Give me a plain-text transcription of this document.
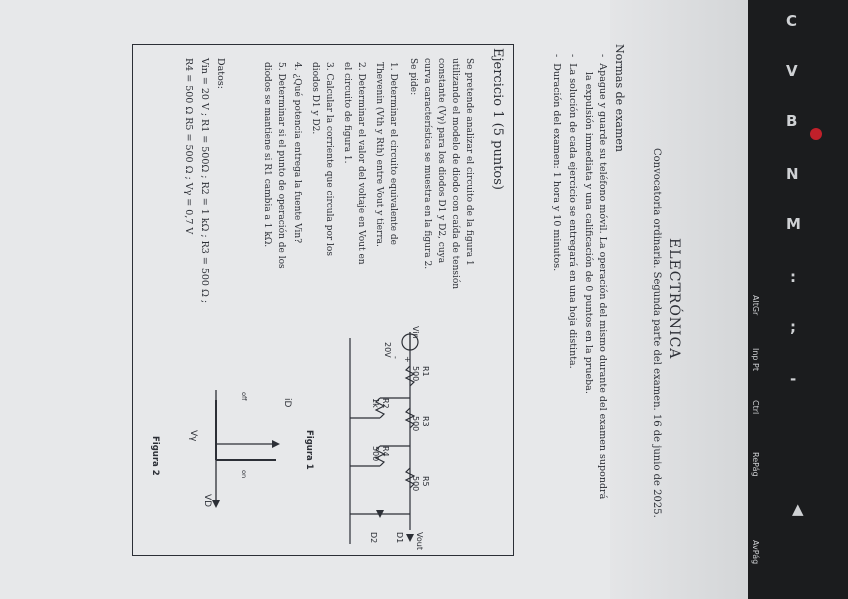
C
V
B
N
M
:
;
-
AltGr
Inp Pt
Ctrl
RePág
AvPág
▲
ELECTRÓNICA
Convocatoria ordinaria. Segunda parte del examen. 16 de junio de 2025.
Normas de examen
-  Apague y guarde su teléfono móvil. La operación del mismo durante del examen supondrá
la expulsión inmediata y una calificación de 0 puntos en la prueba.
-  La solución de cada ejercicio se entregará en una hoja distinta.
-  Duración del examen: 1 hora y 10 minutos.
Ejercicio 1 (5 puntos)
Se pretende analizar el circuito de la figura 1
utilizando el modelo de diodo con caída de tensión
constante (Vγ) para los diodos D1 y D2, cuya
curva característica se muestra en la figura 2.
Se pide:
1. Determinar el circuito equivalente de
Thevenin (Vth y Rth) entre Vout y tierra.
2. Determinar el valor del voltaje en Vout en
el circuito de figura 1.
3. Calcular la corriente que circula por los
diodos D1 y D2.
4. ¿Qué potencia entrega la fuente Vin?
5. Determinar si el punto de operación de los
diodos se mantiene si R1 cambia a 1 kΩ.
Datos:
Vin = 20 V ; R1 = 500Ω ; R2 = 1 kΩ ; R3 = 500 Ω ;
R4 = 500 Ω R5 = 500 Ω ; Vγ = 0,7 V
Vin
20V
+
-
R1
500
R2
1k
R3
500
R4
500
R5
500
Vout
D1
D2
Figura 1
iD
VD
Vγ
on
off
Figura 2
